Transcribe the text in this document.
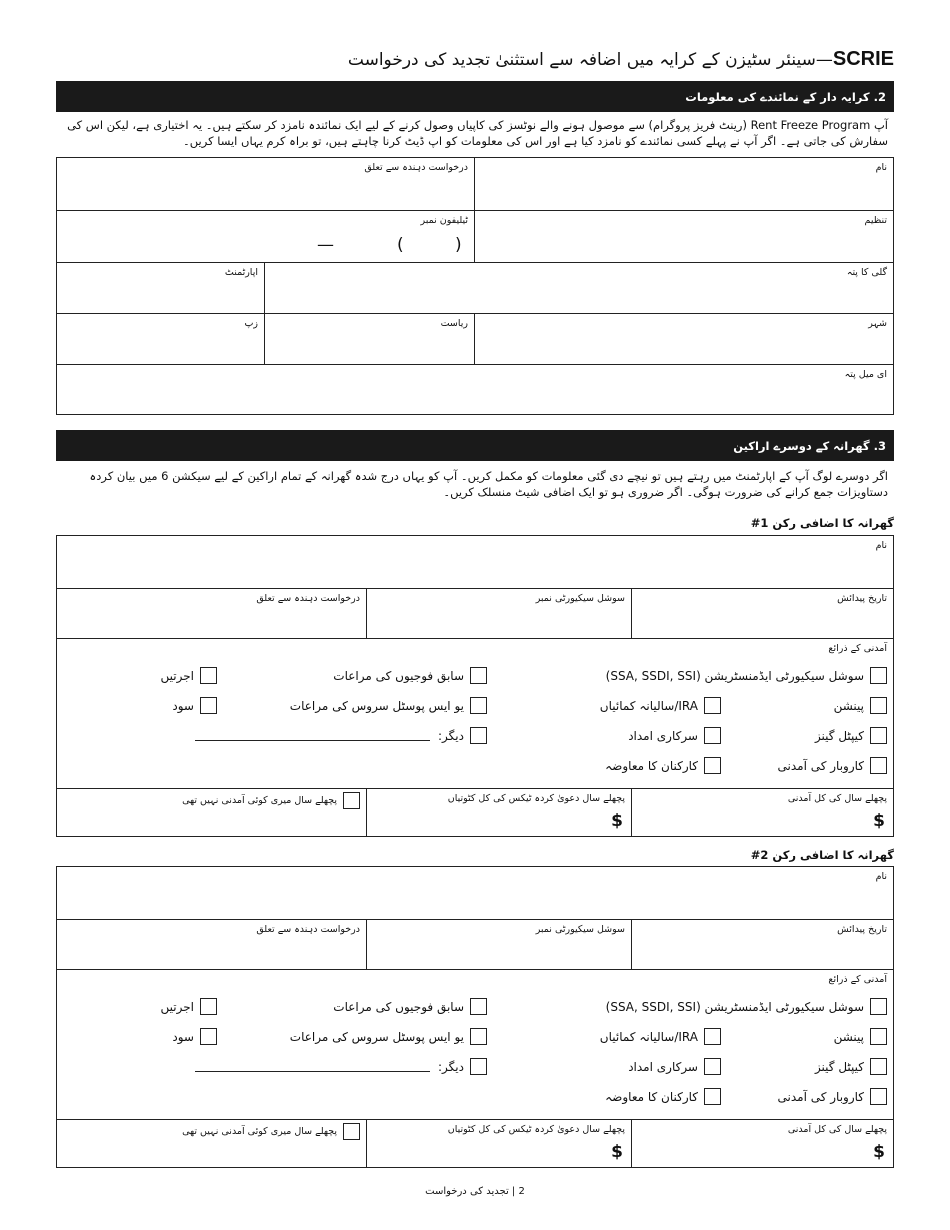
SCRIE—سینئر سٹیزن کے کرایہ میں اضافہ سے استثنیٰ تجدید کی درخواست
2. کرایہ دار کے نمائندے کی معلومات
آپ Rent Freeze Program (رینٹ فریز پروگرام) سے موصول ہونے والے نوٹسز کی کاپیاں وصول کرنے کے لیے ایک نمائندہ نامزد کر سکتے ہیں۔ یہ اختیاری ہے، لیکن اس کی سفارش کی جاتی ہے۔ اگر آپ نے پہلے کسی نمائندے کو نامزد کیا ہے اور اس کی معلومات کو اپ ڈیٹ کرنا چاہتے ہیں، تو براہ کرم یہاں ایسا کریں۔
نام
درخواست دہندہ سے تعلق
تنظیم
ٹیلیفون نمبر
—	(	)
گلی کا پتہ
اپارٹمنٹ
شہر
ریاست
زپ
ای میل پتہ
3. گھرانہ کے دوسرے اراکین
اگر دوسرے لوگ آپ کے اپارٹمنٹ میں رہتے ہیں تو نیچے دی گئی معلومات کو مکمل کریں۔ آپ کو یہاں درج شدہ گھرانہ کے تمام اراکین کے لیے سیکشن 6 میں بیان کردہ دستاویزات جمع کرانے کی ضرورت ہوگی۔ اگر ضروری ہو تو ایک اضافی شیٹ منسلک کریں۔
گھرانہ کا اضافی رکن 1#
نام
تاریخ پیدائش
سوشل سیکیورٹی نمبر
درخواست دہندہ سے تعلق
آمدنی کے ذرائع
سوشل سیکیورٹی ایڈمنسٹریشن (SSA, SSDI, SSI)
پینشن
کیپٹل گینز
کاروبار کی آمدنی
IRA/سالیانہ کمائیاں
سرکاری امداد
کارکنان کا معاوضہ
سابق فوجیوں کی مراعات
یو ایس پوسٹل سروس کی مراعات
دیگر:
اجرتیں
سود
پچھلے سال کی کل آمدنی
$
پچھلے سال دعویٰ کردہ ٹیکس کی کل کٹوتیاں
$
پچھلے سال میری کوئی آمدنی نہیں تھی
گھرانہ کا اضافی رکن 2#
نام
تاریخ پیدائش
سوشل سیکیورٹی نمبر
درخواست دہندہ سے تعلق
آمدنی کے ذرائع
سوشل سیکیورٹی ایڈمنسٹریشن (SSA, SSDI, SSI)
پینشن
کیپٹل گینز
کاروبار کی آمدنی
IRA/سالیانہ کمائیاں
سرکاری امداد
کارکنان کا معاوضہ
سابق فوجیوں کی مراعات
یو ایس پوسٹل سروس کی مراعات
دیگر:
اجرتیں
سود
پچھلے سال کی کل آمدنی
$
پچھلے سال دعویٰ کردہ ٹیکس کی کل کٹوتیاں
$
پچھلے سال میری کوئی آمدنی نہیں تھی
2 | تجدید کی درخواست
